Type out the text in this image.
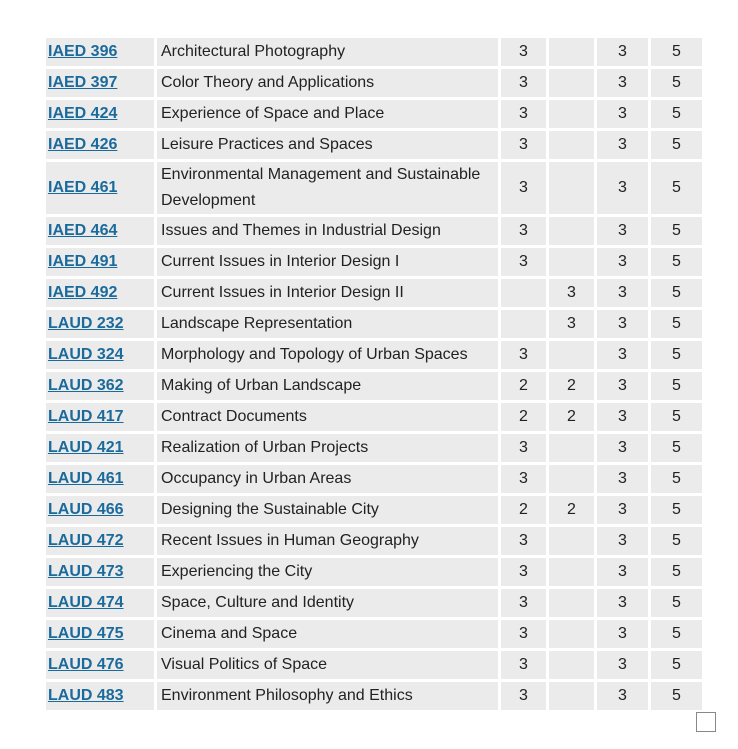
IAED 396	Architectural Photography	3		3	5
IAED 397	Color Theory and Applications	3		3	5
IAED 424	Experience of Space and Place	3		3	5
IAED 426	Leisure Practices and Spaces	3		3	5
IAED 461	Environmental Management and Sustainable Development	3		3	5
IAED 464	Issues and Themes in Industrial Design	3		3	5
IAED 491	Current Issues in Interior Design I	3		3	5
IAED 492	Current Issues in Interior Design II		3	3	5
LAUD 232	Landscape Representation		3	3	5
LAUD 324	Morphology and Topology of Urban Spaces	3		3	5
LAUD 362	Making of Urban Landscape	2	2	3	5
LAUD 417	Contract Documents	2	2	3	5
LAUD 421	Realization of Urban Projects	3		3	5
LAUD 461	Occupancy in Urban Areas	3		3	5
LAUD 466	Designing the Sustainable City	2	2	3	5
LAUD 472	Recent Issues in Human Geography	3		3	5
LAUD 473	Experiencing the City	3		3	5
LAUD 474	Space, Culture and Identity	3		3	5
LAUD 475	Cinema and Space	3		3	5
LAUD 476	Visual Politics of Space	3		3	5
LAUD 483	Environment Philosophy and Ethics	3		3	5
